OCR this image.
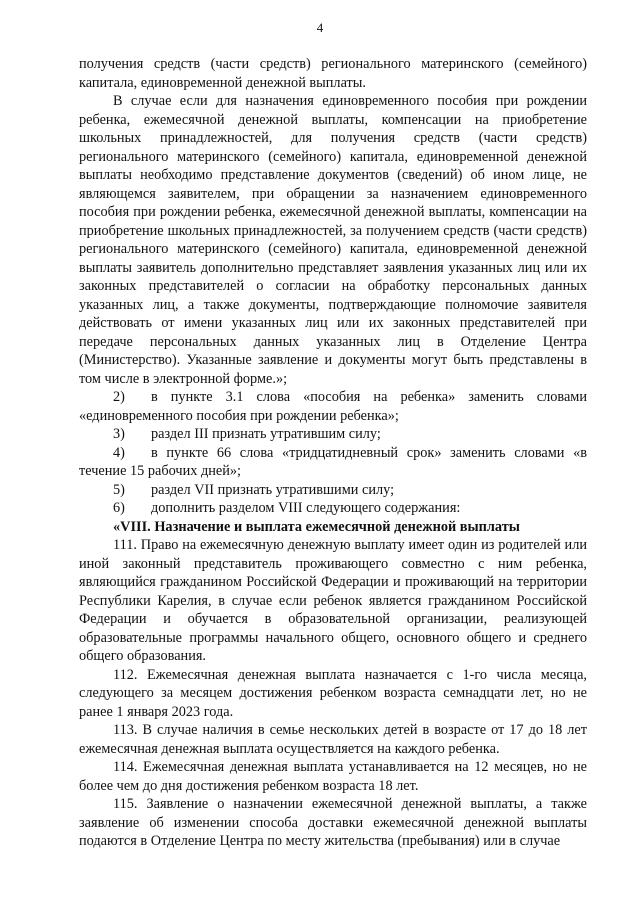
4

получения средств (части средств) регионального материнского (семейного) капитала, единовременной денежной выплаты.

В случае если для назначения единовременного пособия при рождении ребенка, ежемесячной денежной выплаты, компенсации на приобретение школьных принадлежностей, для получения средств (части средств) регионального материнского (семейного) капитала, единовременной денежной выплаты необходимо представление документов (сведений) об ином лице, не являющемся заявителем, при обращении за назначением единовременного пособия при рождении ребенка, ежемесячной денежной выплаты, компенсации на приобретение школьных принадлежностей, за получением средств (части средств) регионального материнского (семейного) капитала, единовременной денежной выплаты заявитель дополнительно представляет заявления указанных лиц или их законных представителей о согласии на обработку персональных данных указанных лиц, а также документы, подтверждающие полномочие заявителя действовать от имени указанных лиц или их законных представителей при передаче персональных данных указанных лиц в Отделение Центра (Министерство). Указанные заявление и документы могут быть представлены в том числе в электронной форме.»;

2) в пункте 3.1 слова «пособия на ребенка» заменить словами «единовременного пособия при рождении ребенка»;

3) раздел III признать утратившим силу;

4) в пункте 66 слова «тридцатидневный срок» заменить словами «в течение 15 рабочих дней»;

5) раздел VII признать утратившими силу;

6) дополнить разделом VIII следующего содержания:

«VIII. Назначение и выплата ежемесячной денежной выплаты

111. Право на ежемесячную денежную выплату имеет один из родителей или иной законный представитель проживающего совместно с ним ребенка, являющийся гражданином Российской Федерации и проживающий на территории Республики Карелия, в случае если ребенок является гражданином Российской Федерации и обучается в образовательной организации, реализующей образовательные программы начального общего, основного общего и среднего общего образования.

112. Ежемесячная денежная выплата назначается с 1-го числа месяца, следующего за месяцем достижения ребенком возраста семнадцати лет, но не ранее 1 января 2023 года.

113. В случае наличия в семье нескольких детей в возрасте от 17 до 18 лет ежемесячная денежная выплата осуществляется на каждого ребенка.

114. Ежемесячная денежная выплата устанавливается на 12 месяцев, но не более чем до дня достижения ребенком возраста 18 лет.

115. Заявление о назначении ежемесячной денежной выплаты, а также заявление об изменении способа доставки ежемесячной денежной выплаты подаются в Отделение Центра по месту жительства (пребывания) или в случае
